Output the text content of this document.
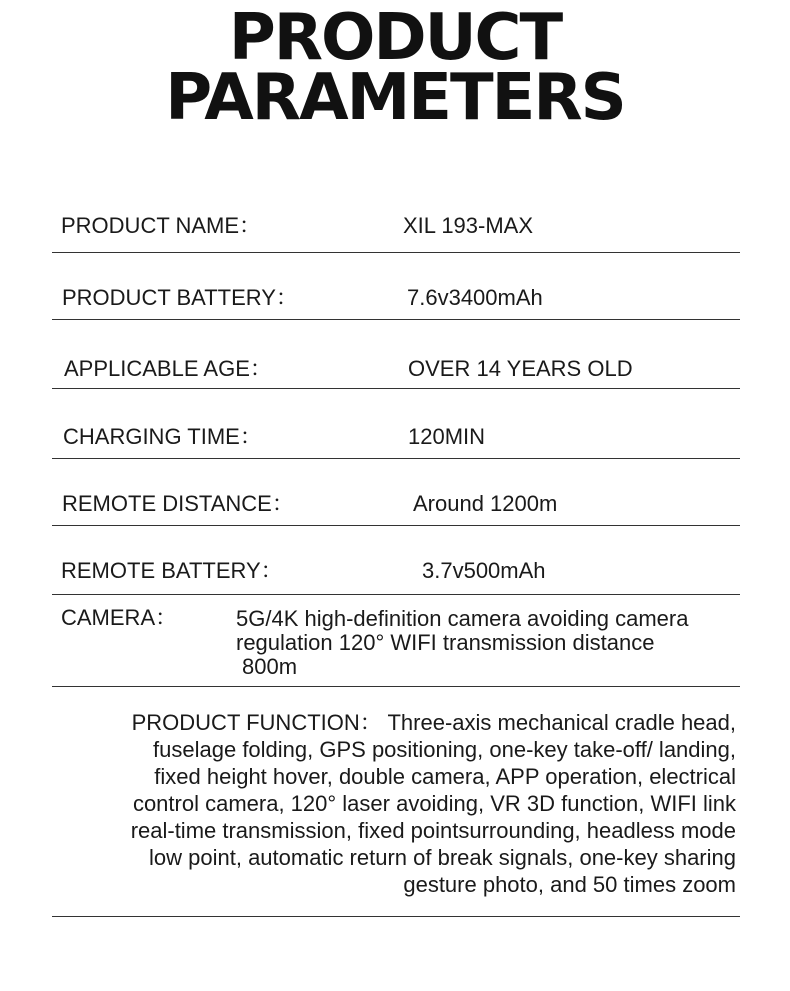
PRODUCT
PARAMETERS
PRODUCT NAME：	XIL 193-MAX
PRODUCT BATTERY：	7.6v3400mAh
APPLICABLE AGE：	OVER 14 YEARS OLD
CHARGING TIME：	120MIN
REMOTE DISTANCE：	Around 1200m
REMOTE BATTERY：	3.7v500mAh
CAMERA：	5G/4K high-definition camera avoiding camera
regulation 120° WIFI transmission distance
800m
PRODUCT FUNCTION： Three-axis mechanical cradle head,
fuselage folding, GPS positioning, one-key take-off/ landing,
fixed height hover, double camera, APP operation, electrical
control camera, 120° laser avoiding, VR 3D function, WIFI link
real-time transmission, fixed pointsurrounding, headless mode
low point, automatic return of break signals, one-key sharing
gesture photo, and 50 times zoom
